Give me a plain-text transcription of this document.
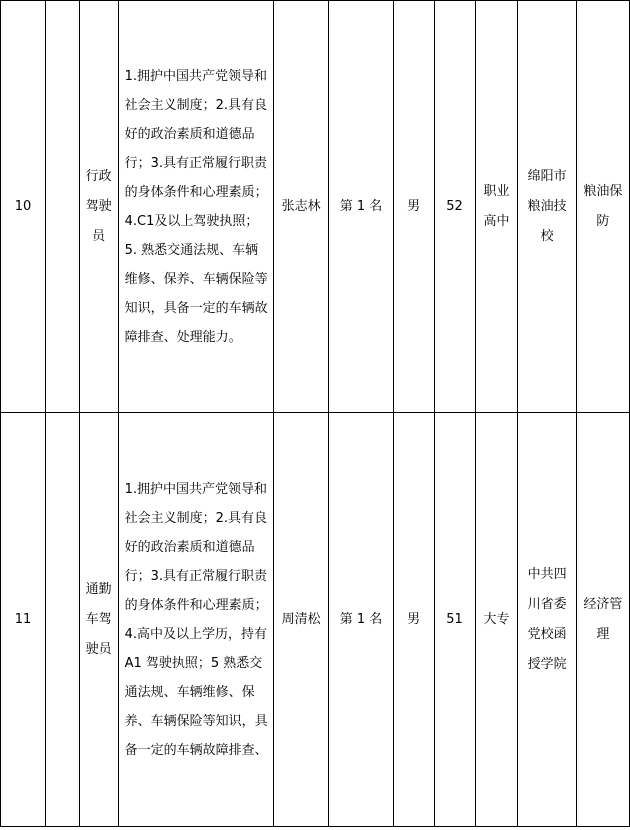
10		行政驾驶员	1.拥护中国共产党领导和社会主义制度；2.具有良好的政治素质和道德品行；3.具有正常履行职责的身体条件和心理素质；4.C1及以上驾驶执照；5. 熟悉交通法规、车辆维修、保养、车辆保险等知识，具备一定的车辆故障排查、处理能力。	张志林	第 1 名	男	52	职业高中	绵阳市粮油技校	粮油保防

11		通勤车驾驶员	1.拥护中国共产党领导和社会主义制度；2.具有良好的政治素质和道德品行；3.具有正常履行职责的身体条件和心理素质；4.高中及以上学历，持有 A1 驾驶执照；5 熟悉交通法规、车辆维修、保养、车辆保险等知识，具备一定的车辆故障排查、	周清松	第 1 名	男	51	大专	中共四川省委党校函授学院	经济管理
